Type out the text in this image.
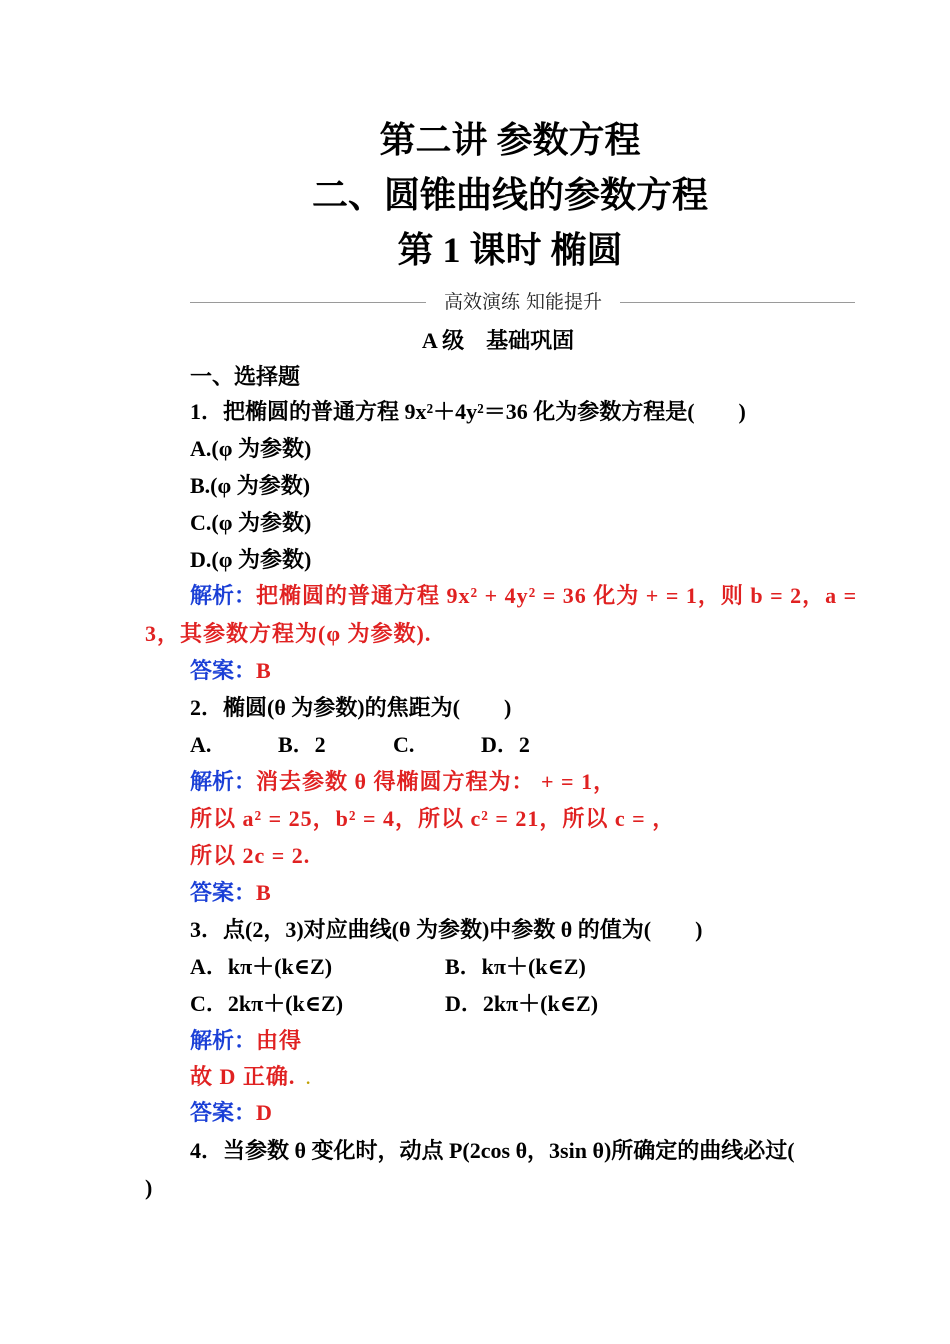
第二讲 参数方程
二、圆锥曲线的参数方程
第 1 课时 椭圆
高效演练 知能提升
A 级　基础巩固
一、选择题
1．把椭圆的普通方程 9x²＋4y²＝36 化为参数方程是(　　)
A.(φ 为参数)
B.(φ 为参数)
C.(φ 为参数)
D.(φ 为参数)
解析：把椭圆的普通方程 9x² + 4y² = 36 化为 + = 1，则 b = 2，a =
3，其参数方程为(φ 为参数).
答案：B
2．椭圆(θ 为参数)的焦距为(　　)
A.	B．2	C.	D．2
解析：消去参数 θ 得椭圆方程为： + = 1，
所以 a² = 25，b² = 4，所以 c² = 21，所以 c = ，
所以 2c = 2.
答案：B
3．点(2，3)对应曲线(θ 为参数)中参数 θ 的值为(　　)
A．kπ＋(k∈Z)	B．kπ＋(k∈Z)
C．2kπ＋(k∈Z)	D．2kπ＋(k∈Z)
解析：由得
故 D 正确. .
答案：D
4．当参数 θ 变化时，动点 P(2cos θ，3sin θ)所确定的曲线必过(
)
